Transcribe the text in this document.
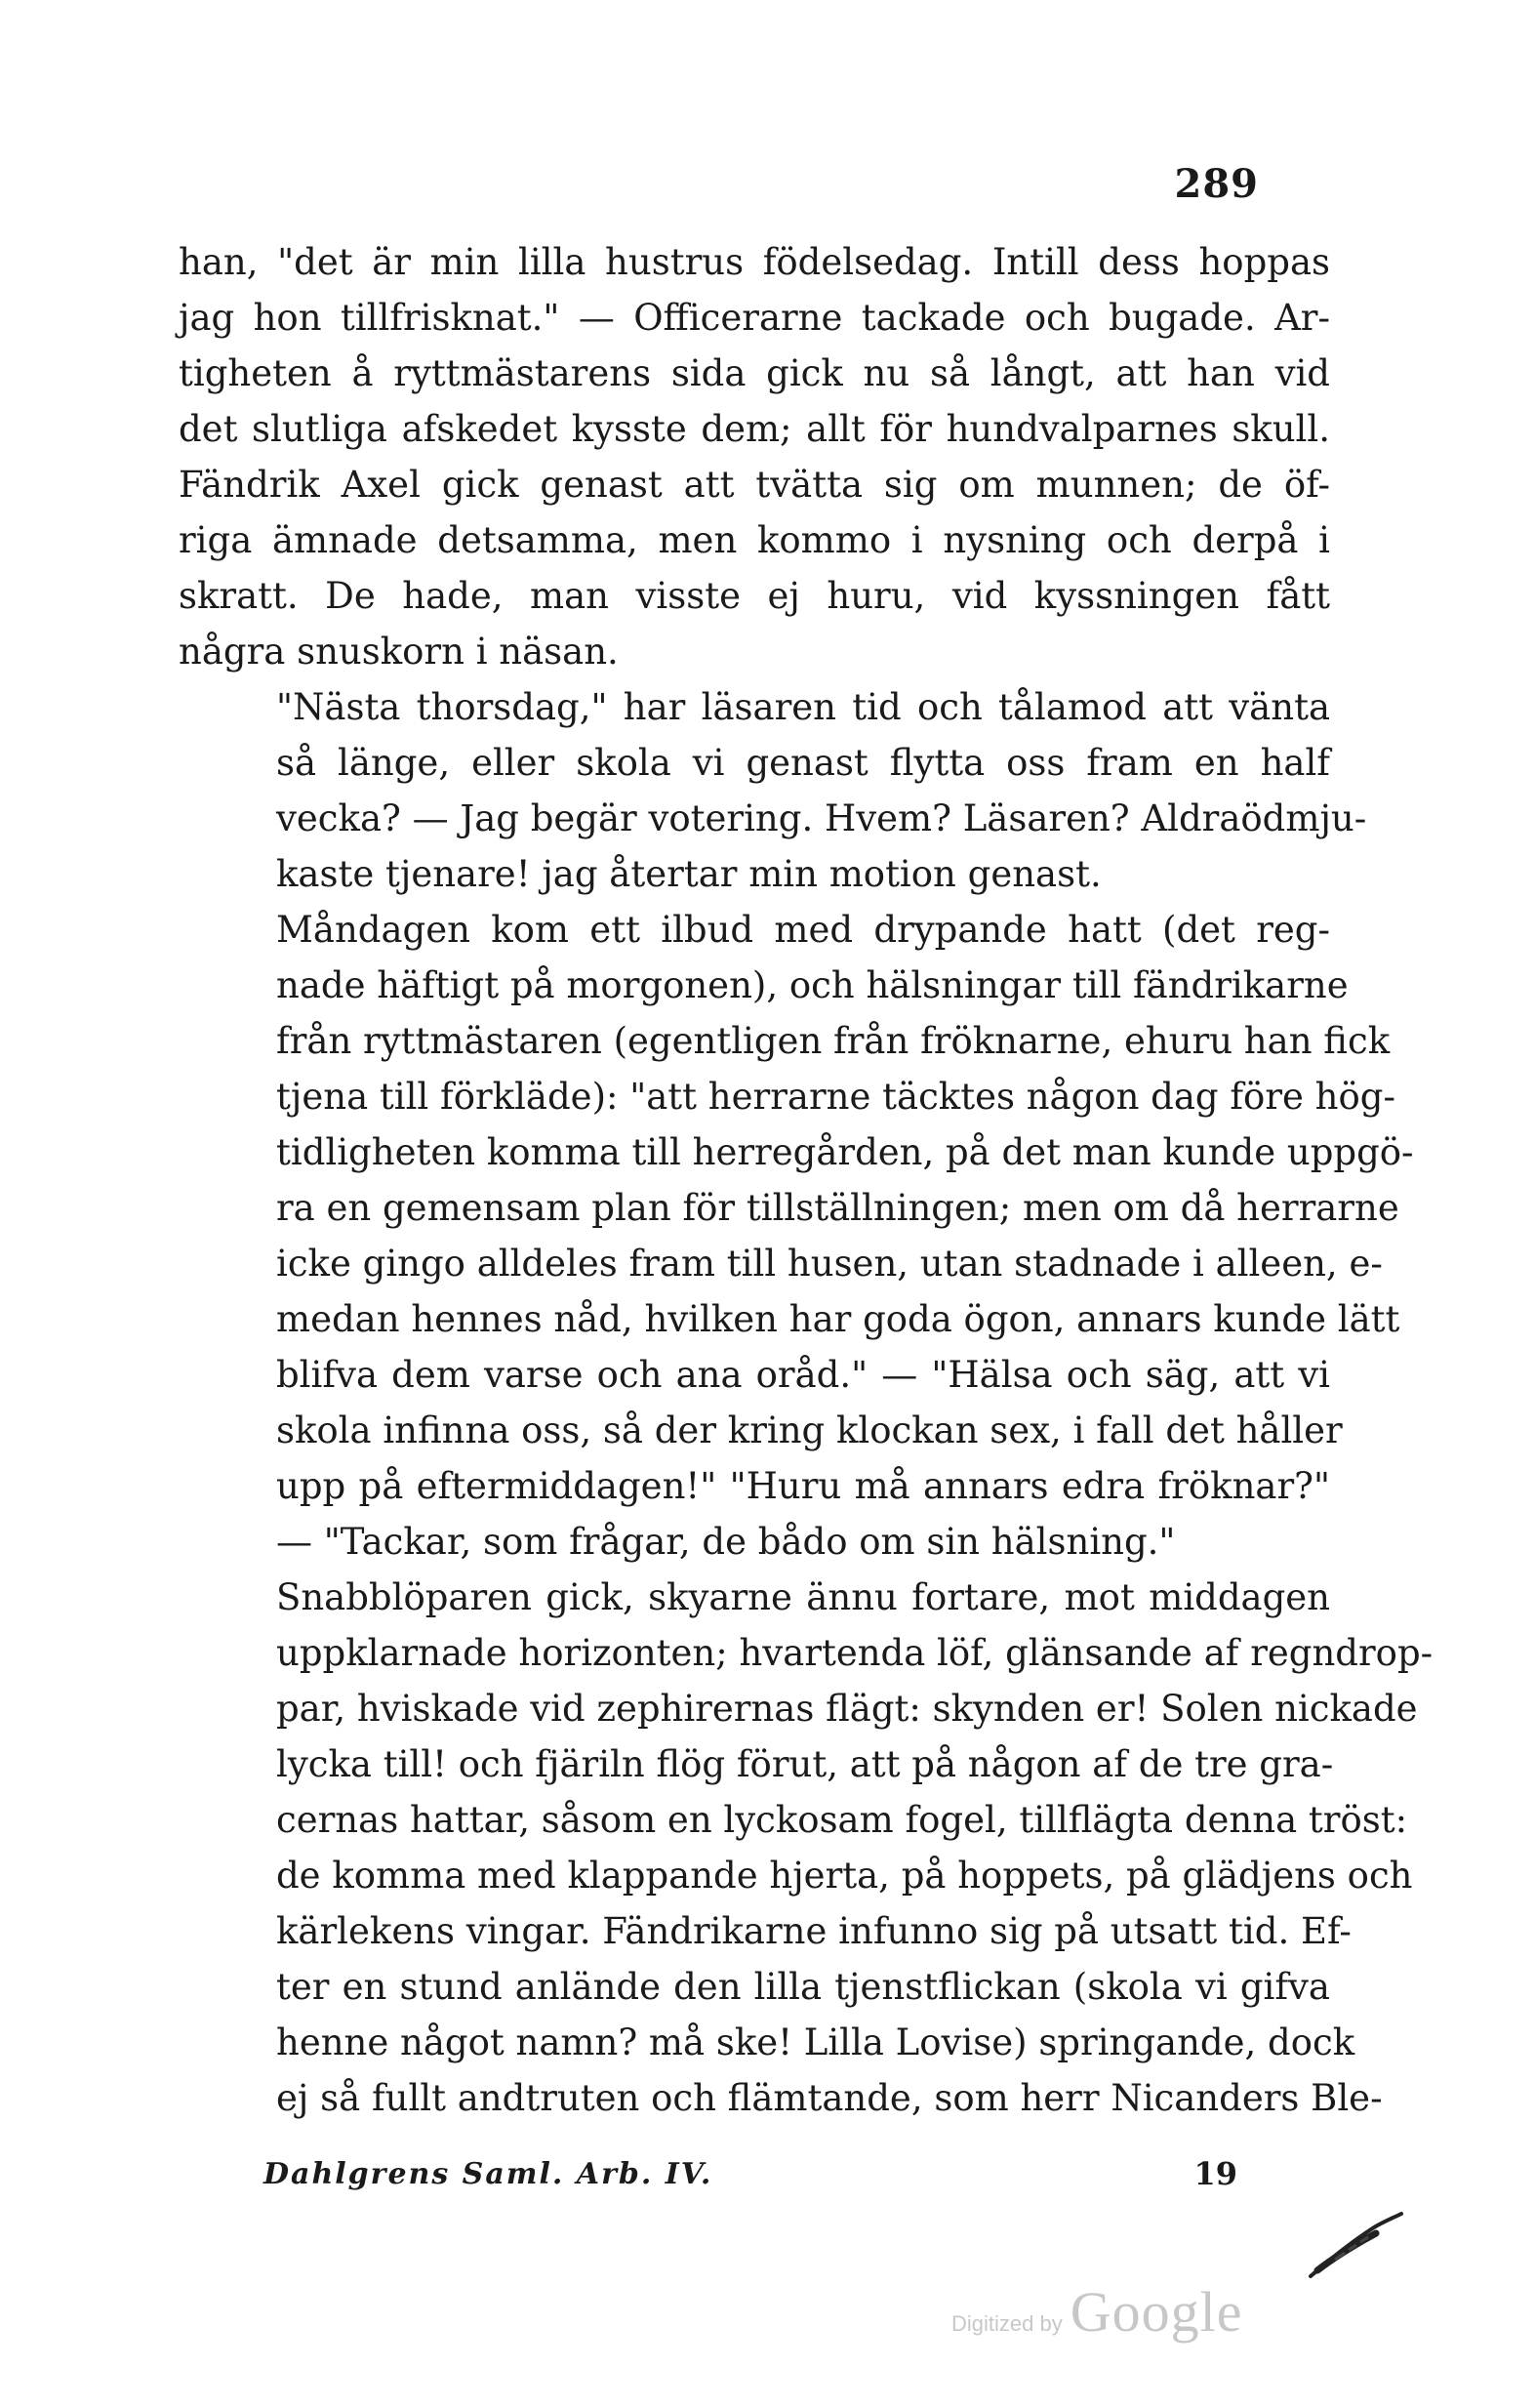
289

han, "det är min lilla hustrus födelsedag. Intill dess hoppas
jag hon tillfrisknat." — Officerarne tackade och bugade. Ar-
tigheten å ryttmästarens sida gick nu så långt, att han vid
det slutliga afskedet kysste dem; allt för hundvalparnes skull.
Fändrik Axel gick genast att tvätta sig om munnen; de öf-
riga ämnade detsamma, men kommo i nysning och derpå i
skratt. De hade, man visste ej huru, vid kyssningen fått
några snuskorn i näsan.

"Nästa thorsdag," har läsaren tid och tålamod att vänta
så länge, eller skola vi genast flytta oss fram en half
vecka? — Jag begär votering. Hvem? Läsaren? Aldraödmju-
kaste tjenare! jag återtar min motion genast.

Måndagen kom ett ilbud med drypande hatt (det reg-
nade häftigt på morgonen), och hälsningar till fändrikarne
från ryttmästaren (egentligen från fröknarne, ehuru han fick
tjena till förkläde): "att herrarne täcktes någon dag före hög-
tidligheten komma till herregården, på det man kunde uppgö-
ra en gemensam plan för tillställningen; men om då herrarne
icke gingo alldeles fram till husen, utan stadnade i alleen, e-
medan hennes nåd, hvilken har goda ögon, annars kunde lätt
blifva dem varse och ana oråd." — "Hälsa och säg, att vi
skola infinna oss, så der kring klockan sex, i fall det håller
upp på eftermiddagen!" "Huru må annars edra fröknar?"
— "Tackar, som frågar, de bådo om sin hälsning."

Snabblöparen gick, skyarne ännu fortare, mot middagen
uppklarnade horizonten; hvartenda löf, glänsande af regndrop-
par, hviskade vid zephirernas flägt: skynden er! Solen nickade
lycka till! och fjäriln flög förut, att på någon af de tre gra-
cernas hattar, såsom en lyckosam fogel, tillflägta denna tröst:
de komma med klappande hjerta, på hoppets, på glädjens och
kärlekens vingar. Fändrikarne infunno sig på utsatt tid. Ef-
ter en stund anlände den lilla tjenstflickan (skola vi gifva
henne något namn? må ske! Lilla Lovise) springande, dock
ej så fullt andtruten och flämtande, som herr Nicanders Ble-

Dahlgrens Saml. Arb. IV.	19
Digitized by Google
